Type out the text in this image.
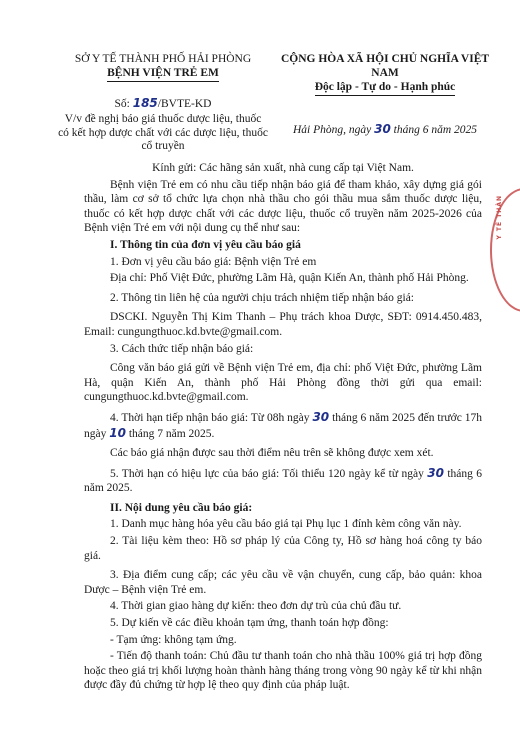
SỞ Y TẾ THÀNH PHỐ HẢI PHÒNG
BỆNH VIỆN TRẺ EM
Số: 185/BVTE-KD
V/v đề nghị báo giá thuốc dược liệu, thuốc có kết hợp dược chất với các dược liệu, thuốc cổ truyền
CỘNG HÒA XÃ HỘI CHỦ NGHĨA VIỆT NAM
Độc lập - Tự do - Hạnh phúc
Hải Phòng, ngày 30 tháng 6 năm 2025
Y TẾ THÀN

Kính gửi: Các hãng sản xuất, nhà cung cấp tại Việt Nam.

Bệnh viện Trẻ em có nhu cầu tiếp nhận báo giá để tham khảo, xây dựng giá gói thầu, làm cơ sở tổ chức lựa chọn nhà thầu cho gói thầu mua sắm thuốc dược liệu, thuốc có kết hợp dược chất với các dược liệu, thuốc cổ truyền năm 2025-2026 của Bệnh viện Trẻ em với nội dung cụ thể như sau:

I. Thông tin của đơn vị yêu cầu báo giá

1. Đơn vị yêu cầu báo giá: Bệnh viện Trẻ em

Địa chỉ: Phố Việt Đức, phường Lãm Hà, quận Kiến An, thành phố Hải Phòng.

2. Thông tin liên hệ của người chịu trách nhiệm tiếp nhận báo giá:

DSCKI. Nguyễn Thị Kim Thanh – Phụ trách khoa Dược, SĐT: 0914.450.483, Email: cungungthuoc.kd.bvte@gmail.com.

3. Cách thức tiếp nhận báo giá:

Công văn báo giá gửi về Bệnh viện Trẻ em, địa chỉ: phố Việt Đức, phường Lãm Hà, quận Kiến An, thành phố Hải Phòng đồng thời gửi qua email: cungungthuoc.kd.bvte@gmail.com.

4. Thời hạn tiếp nhận báo giá: Từ 08h ngày 30 tháng 6 năm 2025 đến trước 17h ngày 10 tháng 7 năm 2025.

Các báo giá nhận được sau thời điểm nêu trên sẽ không được xem xét.

5. Thời hạn có hiệu lực của báo giá: Tối thiểu 120 ngày kể từ ngày 30 tháng 6 năm 2025.

II. Nội dung yêu cầu báo giá:

1. Danh mục hàng hóa yêu cầu báo giá tại Phụ lục 1 đính kèm công văn này.

2. Tài liệu kèm theo: Hồ sơ pháp lý của Công ty, Hồ sơ hàng hoá công ty báo giá.

3. Địa điểm cung cấp; các yêu cầu về vận chuyển, cung cấp, bảo quản: khoa Dược – Bệnh viện Trẻ em.

4. Thời gian giao hàng dự kiến: theo đơn dự trù của chủ đầu tư.

5. Dự kiến về các điều khoản tạm ứng, thanh toán hợp đồng:

- Tạm ứng: không tạm ứng.

- Tiến độ thanh toán: Chủ đầu tư thanh toán cho nhà thầu 100% giá trị hợp đồng hoặc theo giá trị khối lượng hoàn thành hàng tháng trong vòng 90 ngày kể từ khi nhận được đầy đủ chứng từ hợp lệ theo quy định của pháp luật.
